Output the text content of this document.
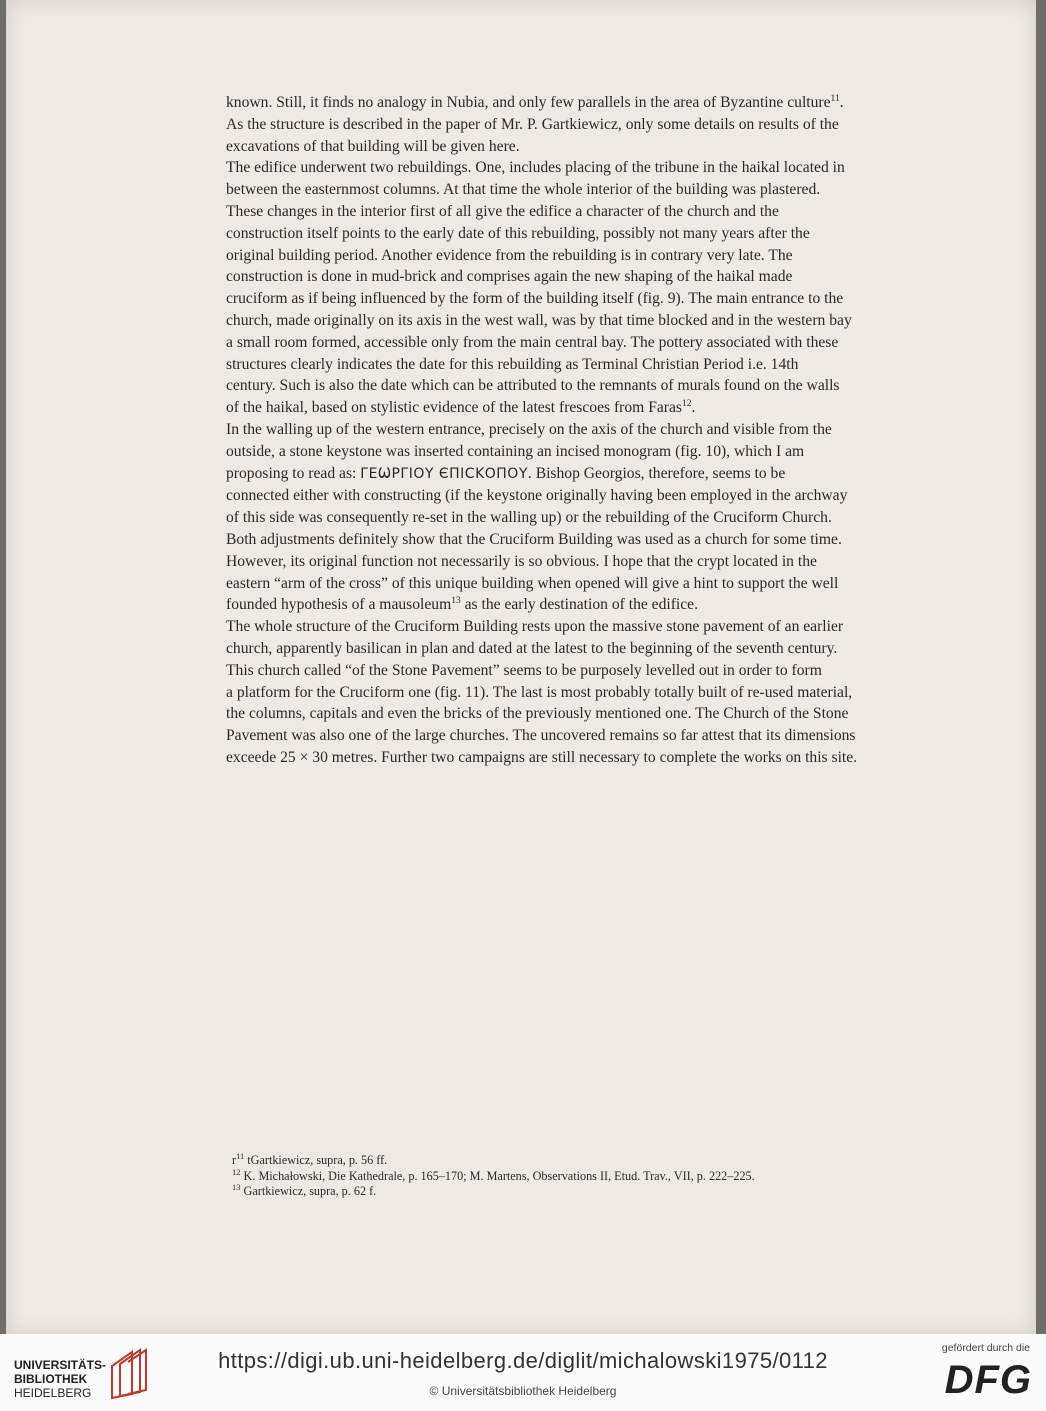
known. Still, it finds no analogy in Nubia, and only few parallels in the area of Byzantine culture$^{11}$.
As the structure is described in the paper of Mr. P. Gartkiewicz, only some details on results of the
excavations of that building will be given here.

The edifice underwent two rebuildings. One, includes placing of the tribune in the haikal located in
between the easternmost columns. At that time the whole interior of the building was plastered.
These changes in the interior first of all give the edifice a character of the church and the
construction itself points to the early date of this rebuilding, possibly not many years after the
original building period. Another evidence from the rebuilding is in contrary very late. The
construction is done in mud-brick and comprises again the new shaping of the haikal made
cruciform as if being influenced by the form of the building itself (fig. 9). The main entrance to the
church, made originally on its axis in the west wall, was by that time blocked and in the western bay
a small room formed, accessible only from the main central bay. The pottery associated with these
structures clearly indicates the date for this rebuilding as Terminal Christian Period i.e. 14th
century. Such is also the date which can be attributed to the remnants of murals found on the walls
of the haikal, based on stylistic evidence of the latest frescoes from Faras$^{12}$.

In the walling up of the western entrance, precisely on the axis of the church and visible from the
outside, a stone keystone was inserted containing an incised monogram (fig. 10), which I am
proposing to read as: ΓΕѠΡΓΙΟΥ ЄΠΙCΚΟΠΟΥ. Bishop Georgios, therefore, seems to be
connected either with constructing (if the keystone originally having been employed in the archway
of this side was consequently re-set in the walling up) or the rebuilding of the Cruciform Church.
Both adjustments definitely show that the Cruciform Building was used as a church for some time.
However, its original function not necessarily is so obvious. I hope that the crypt located in the
eastern “arm of the cross” of this unique building when opened will give a hint to support the well
founded hypothesis of a mausoleum$^{13}$ as the early destination of the edifice.

The whole structure of the Cruciform Building rests upon the massive stone pavement of an earlier
church, apparently basilican in plan and dated at the latest to the beginning of the seventh century.
This church called “of the Stone Pavement” seems to be purposely levelled out in order to form
a platform for the Cruciform one (fig. 11). The last is most probably totally built of re-used material,
the columns, capitals and even the bricks of the previously mentioned one. The Church of the Stone
Pavement was also one of the large churches. The uncovered remains so far attest that its dimensions
exceede 25 × 30 metres. Further two campaigns are still necessary to complete the works on this site.

$r^{11}$ tGartkiewicz, supra, p. 56 ff.
$^{12}$ K. Michałowski, Die Kathedrale, p. 165–170; M. Martens, Observations II, Etud. Trav., VII, p. 222–225.
$^{13}$ Gartkiewicz, supra, p. 62 f.
UNIVERSITÄTS-
BIBLIOTHEK
HEIDELBERG
https://digi.ub.uni-heidelberg.de/diglit/michalowski1975/0112
© Universitätsbibliothek Heidelberg
gefördert durch die
DFG
